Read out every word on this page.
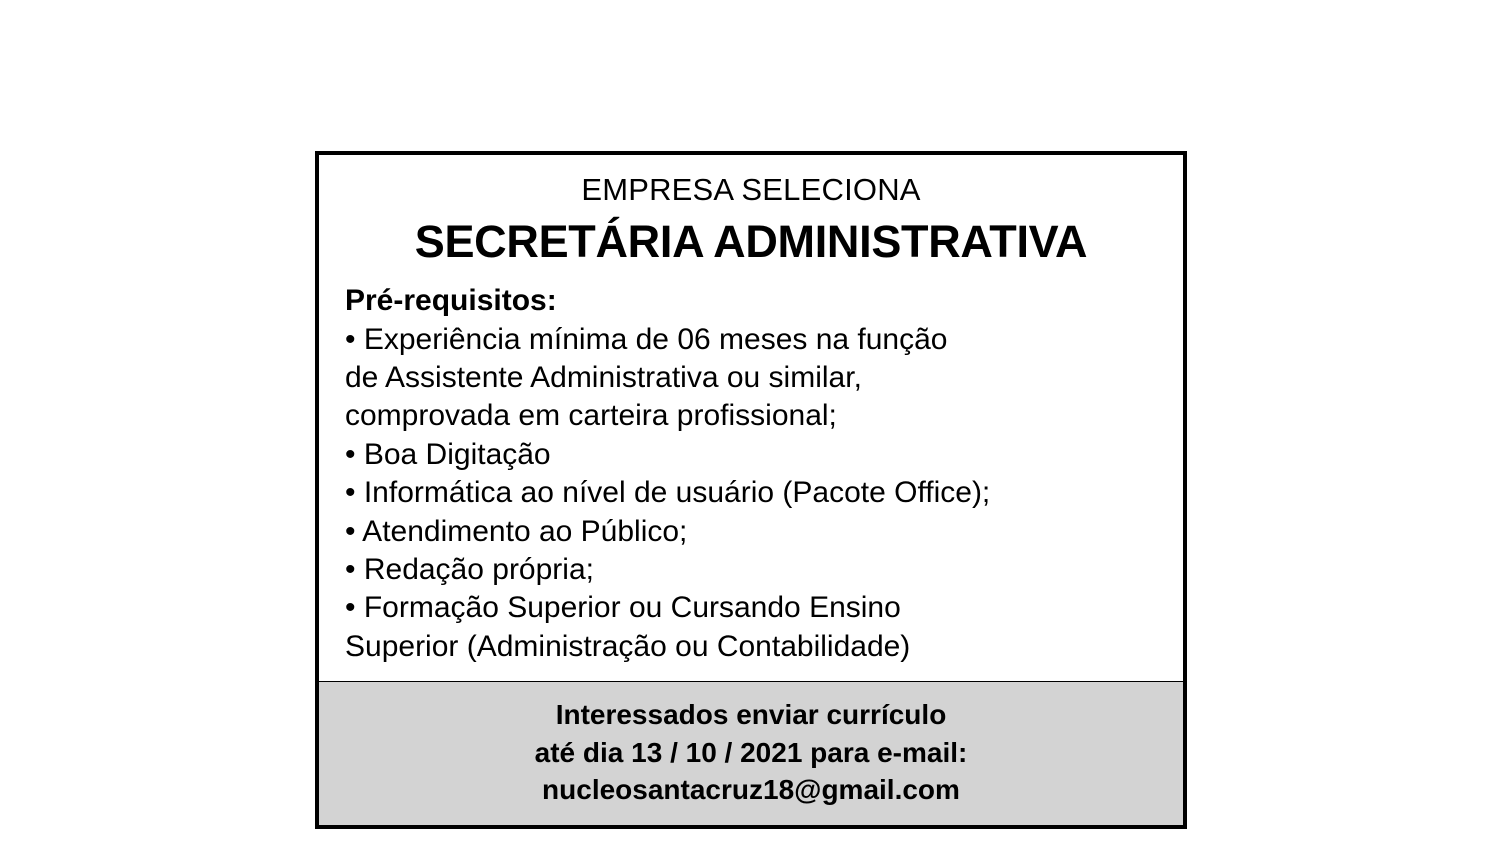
EMPRESA SELECIONA
SECRETÁRIA ADMINISTRATIVA
Pré-requisitos:
• Experiência mínima de 06 meses na função
de Assistente Administrativa ou similar,
comprovada em carteira profissional;
• Boa Digitação
• Informática ao nível de usuário (Pacote Office);
• Atendimento ao Público;
• Redação própria;
• Formação Superior ou Cursando Ensino
Superior (Administração ou Contabilidade)
Interessados enviar currículo
até dia 13 / 10 / 2021 para e-mail:
nucleosantacruz18@gmail.com
